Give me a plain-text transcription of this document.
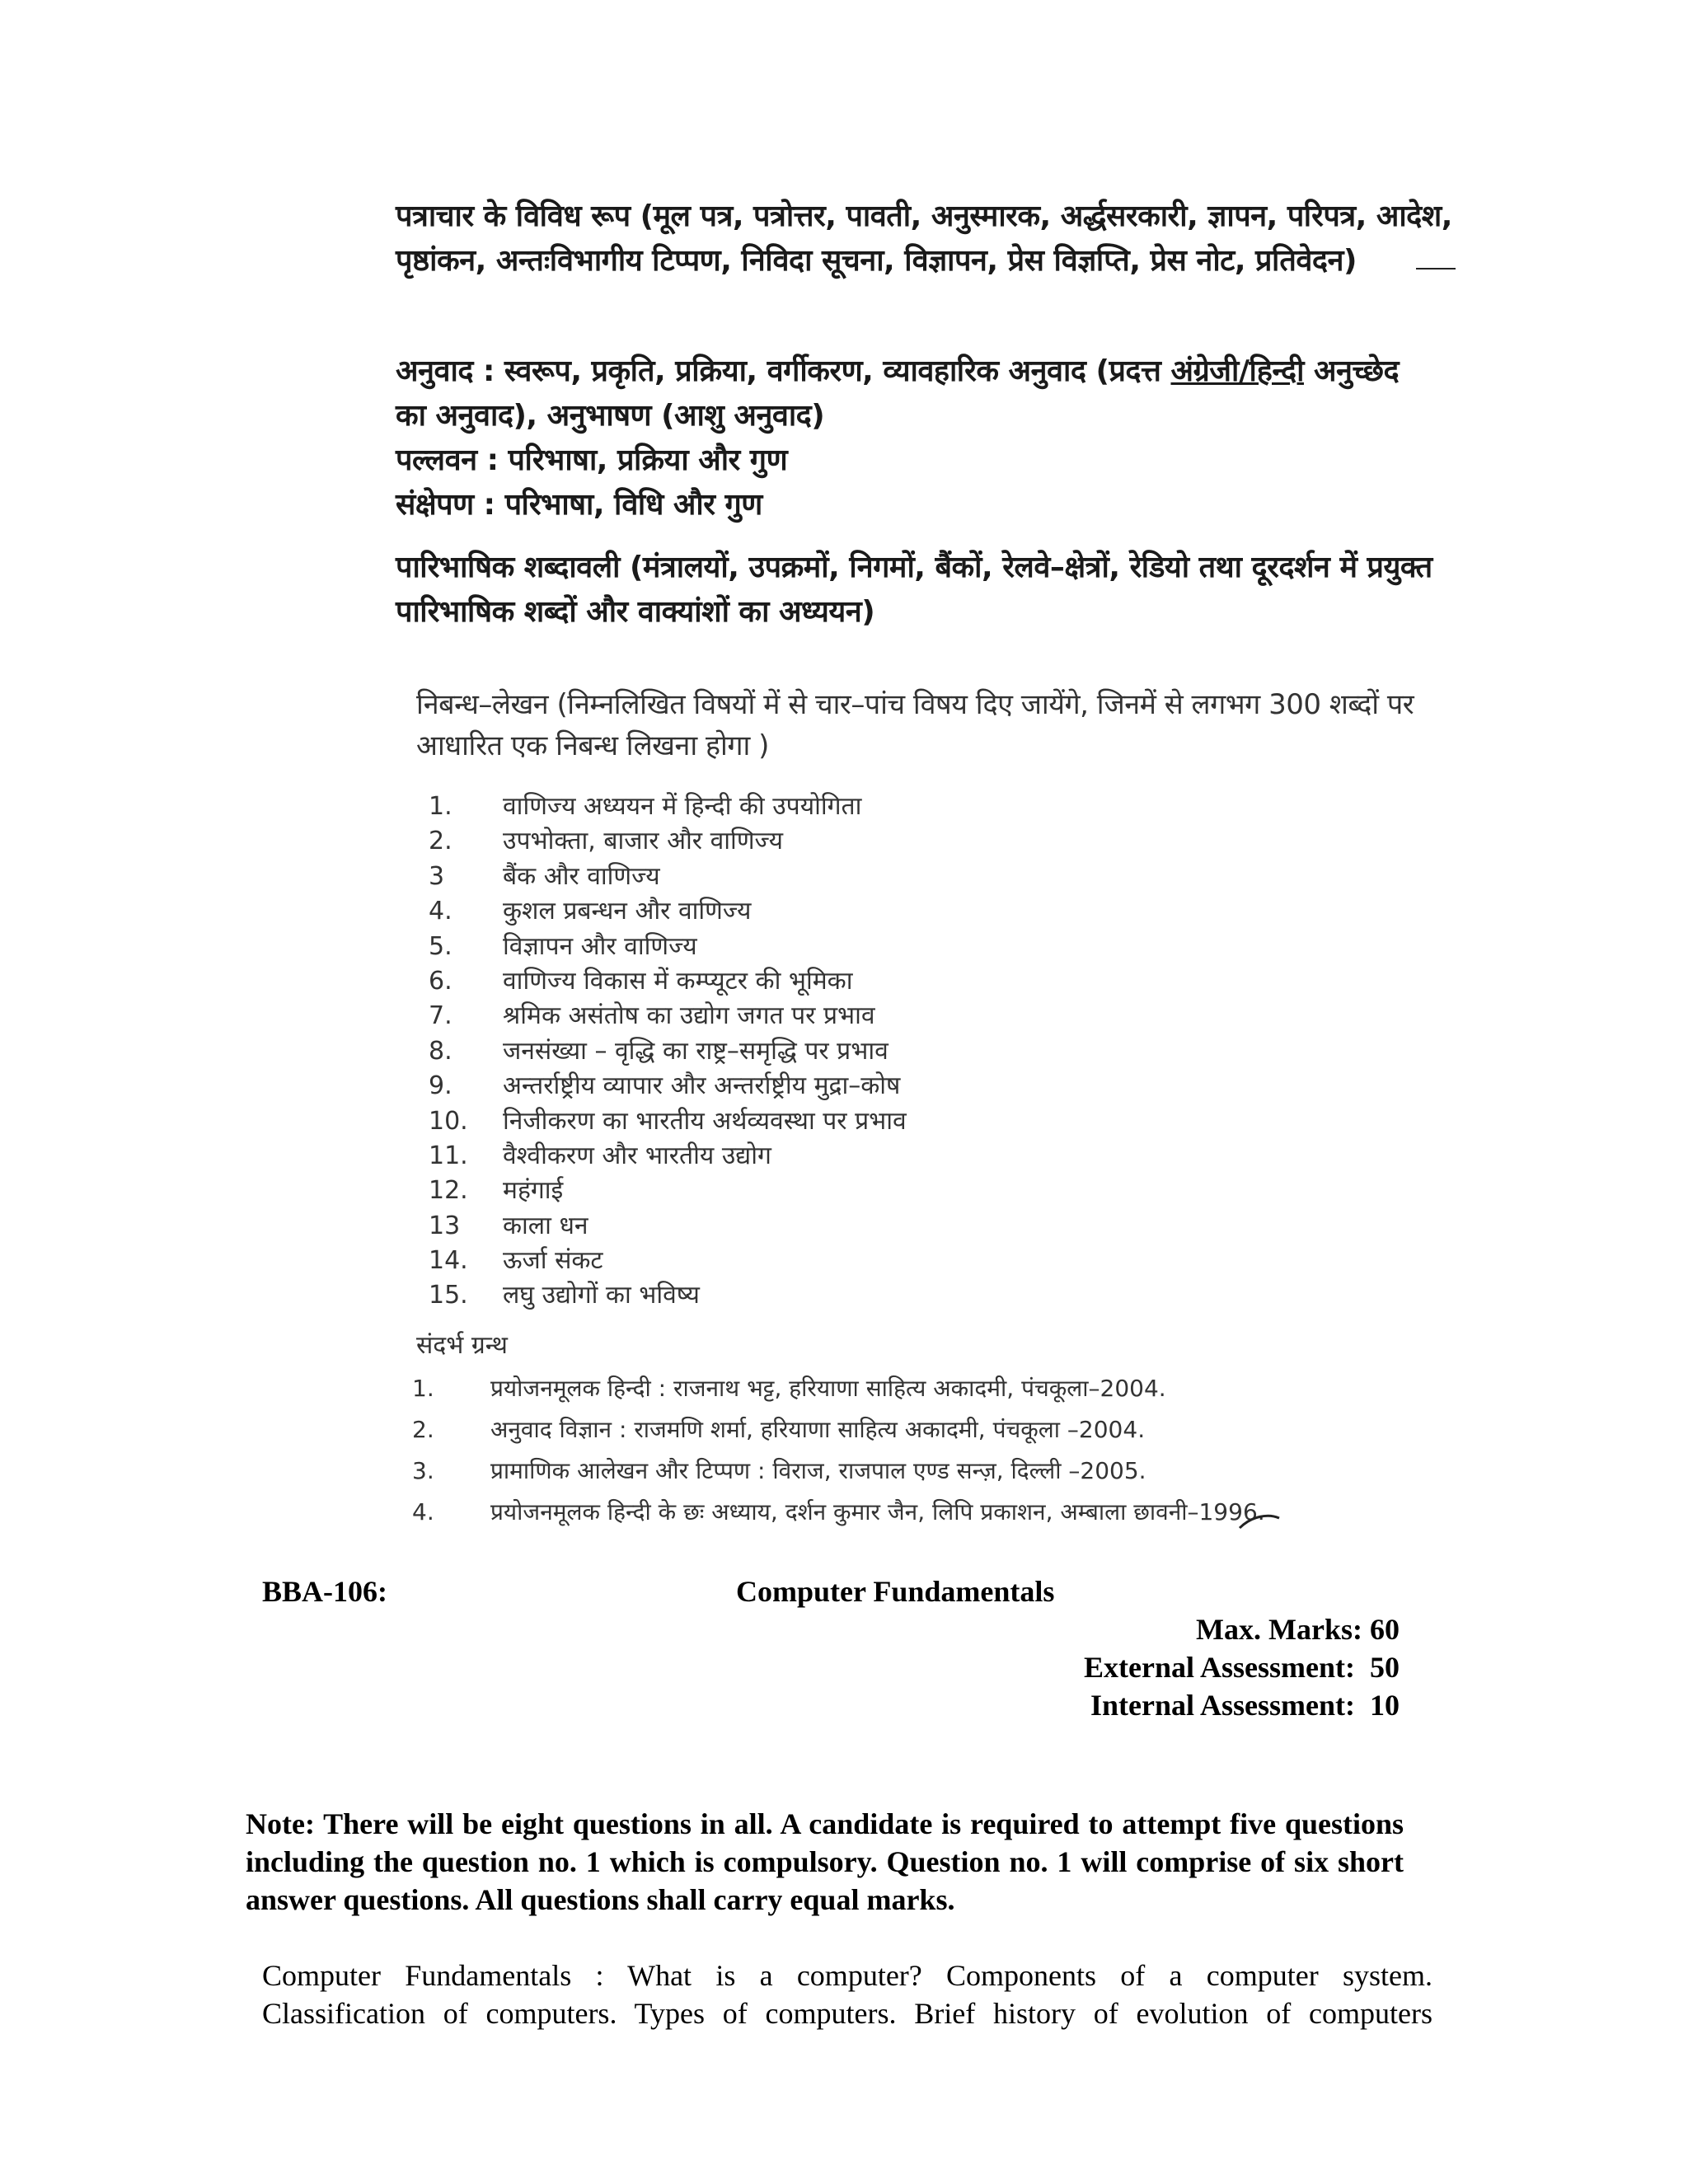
पत्राचार के विविध रूप (मूल पत्र, पत्रोत्तर, पावती, अनुस्मारक, अर्द्धसरकारी, ज्ञापन, परिपत्र, आदेश,
पृष्ठांकन, अन्तःविभागीय टिप्पण, निविदा सूचना, विज्ञापन, प्रेस विज्ञप्ति, प्रेस नोट, प्रतिवेदन)
अनुवाद : स्वरूप, प्रकृति, प्रक्रिया, वर्गीकरण, व्यावहारिक अनुवाद (प्रदत्त अंग्रेजी/हिन्दी अनुच्छेद
का अनुवाद), अनुभाषण (आशु अनुवाद)
पल्लवन : परिभाषा, प्रक्रिया और गुण
संक्षेपण : परिभाषा, विधि और गुण
पारिभाषिक शब्दावली (मंत्रालयों, उपक्रमों, निगमों, बैंकों, रेलवे–क्षेत्रों, रेडियो तथा दूरदर्शन में प्रयुक्त
पारिभाषिक शब्दों और वाक्यांशों का अध्ययन)
निबन्ध–लेखन (निम्नलिखित विषयों में से चार–पांच विषय दिए जायेंगे, जिनमें से लगभग 300 शब्दों पर
आधारित एक निबन्ध लिखना होगा )
1. वाणिज्य अध्ययन में हिन्दी की उपयोगिता
2. उपभोक्ता, बाजार और वाणिज्य
3 बैंक और वाणिज्य
4. कुशल प्रबन्धन और वाणिज्य
5. विज्ञापन और वाणिज्य
6. वाणिज्य विकास में कम्प्यूटर की भूमिका
7. श्रमिक असंतोष का उद्योग जगत पर प्रभाव
8. जनसंख्या – वृद्धि का राष्ट्र–समृद्धि पर प्रभाव
9. अन्तर्राष्ट्रीय व्यापार और अन्तर्राष्ट्रीय मुद्रा–कोष
10. निजीकरण का भारतीय अर्थव्यवस्था पर प्रभाव
11. वैश्वीकरण और भारतीय उद्योग
12. महंगाई
13 काला धन
14. ऊर्जा संकट
15. लघु उद्योगों का भविष्य
संदर्भ ग्रन्थ
1. प्रयोजनमूलक हिन्दी : राजनाथ भट्ट, हरियाणा साहित्य अकादमी, पंचकूला–2004.
2. अनुवाद विज्ञान : राजमणि शर्मा, हरियाणा साहित्य अकादमी, पंचकूला –2004.
3. प्रामाणिक आलेखन और टिप्पण : विराज, राजपाल एण्ड सन्ज़, दिल्ली –2005.
4. प्रयोजनमूलक हिन्दी के छः अध्याय, दर्शन कुमार जैन, लिपि प्रकाशन, अम्बाला छावनी–1996.
BBA-106:	Computer Fundamentals
Max. Marks: 60
External Assessment:  50
Internal Assessment:  10
Note: There will be eight questions in all. A candidate is required to attempt five questions including the question no. 1 which is compulsory. Question no. 1 will comprise of six short answer questions. All questions shall carry equal marks.
Computer Fundamentals : What is a computer? Components of a computer system.
Classification of computers. Types of computers. Brief history of evolution of computers
